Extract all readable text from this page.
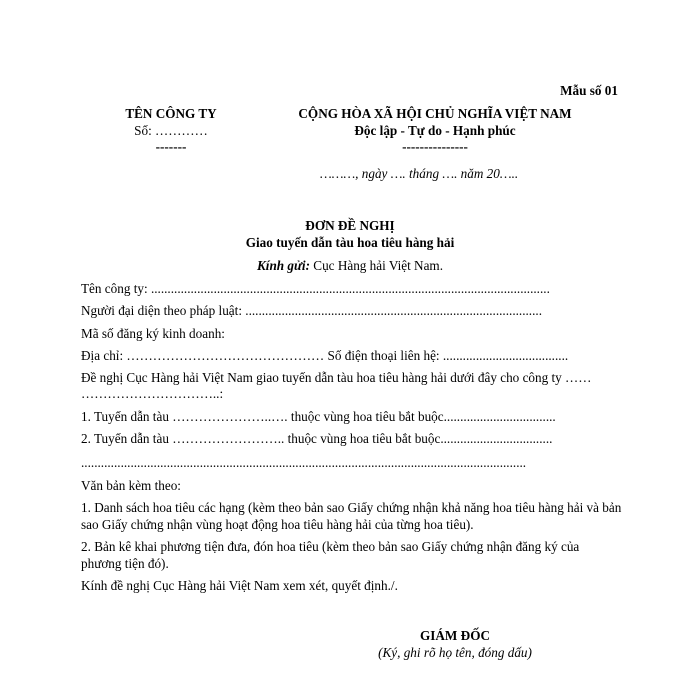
Mẫu số 01
TÊN CÔNG TY
Số: …………
-------
CỘNG HÒA XÃ HỘI CHỦ NGHĨA VIỆT NAM
Độc lập - Tự do - Hạnh phúc
---------------
………, ngày …. tháng …. năm 20…..
ĐƠN ĐỀ NGHỊ
Giao tuyến dẫn tàu hoa tiêu hàng hải
Kính gửi: Cục Hàng hải Việt Nam.
Tên công ty: .........................................................................................................................
Người đại diện theo pháp luật: ..........................................................................................
Mã số đăng ký kinh doanh:
Địa chỉ: ……………………………………… Số điện thoại liên hệ: ......................................
Đề nghị Cục Hàng hải Việt Nam giao tuyến dẫn tàu hoa tiêu hàng hải dưới đây cho công ty ……
…………………………..:
1. Tuyến dẫn tàu …………………..…. thuộc vùng hoa tiêu bắt buộc..................................
2. Tuyến dẫn tàu …………………….. thuộc vùng hoa tiêu bắt buộc..................................
.......................................................................................................................................
Văn bản kèm theo:
1. Danh sách hoa tiêu các hạng (kèm theo bản sao Giấy chứng nhận khả năng hoa tiêu hàng hải và bản sao Giấy chứng nhận vùng hoạt động hoa tiêu hàng hải của từng hoa tiêu).
2. Bản kê khai phương tiện đưa, đón hoa tiêu (kèm theo bản sao Giấy chứng nhận đăng ký của phương tiện đó).
Kính đề nghị Cục Hàng hải Việt Nam xem xét, quyết định./.
GIÁM ĐỐC
(Ký, ghi rõ họ tên, đóng dấu)
